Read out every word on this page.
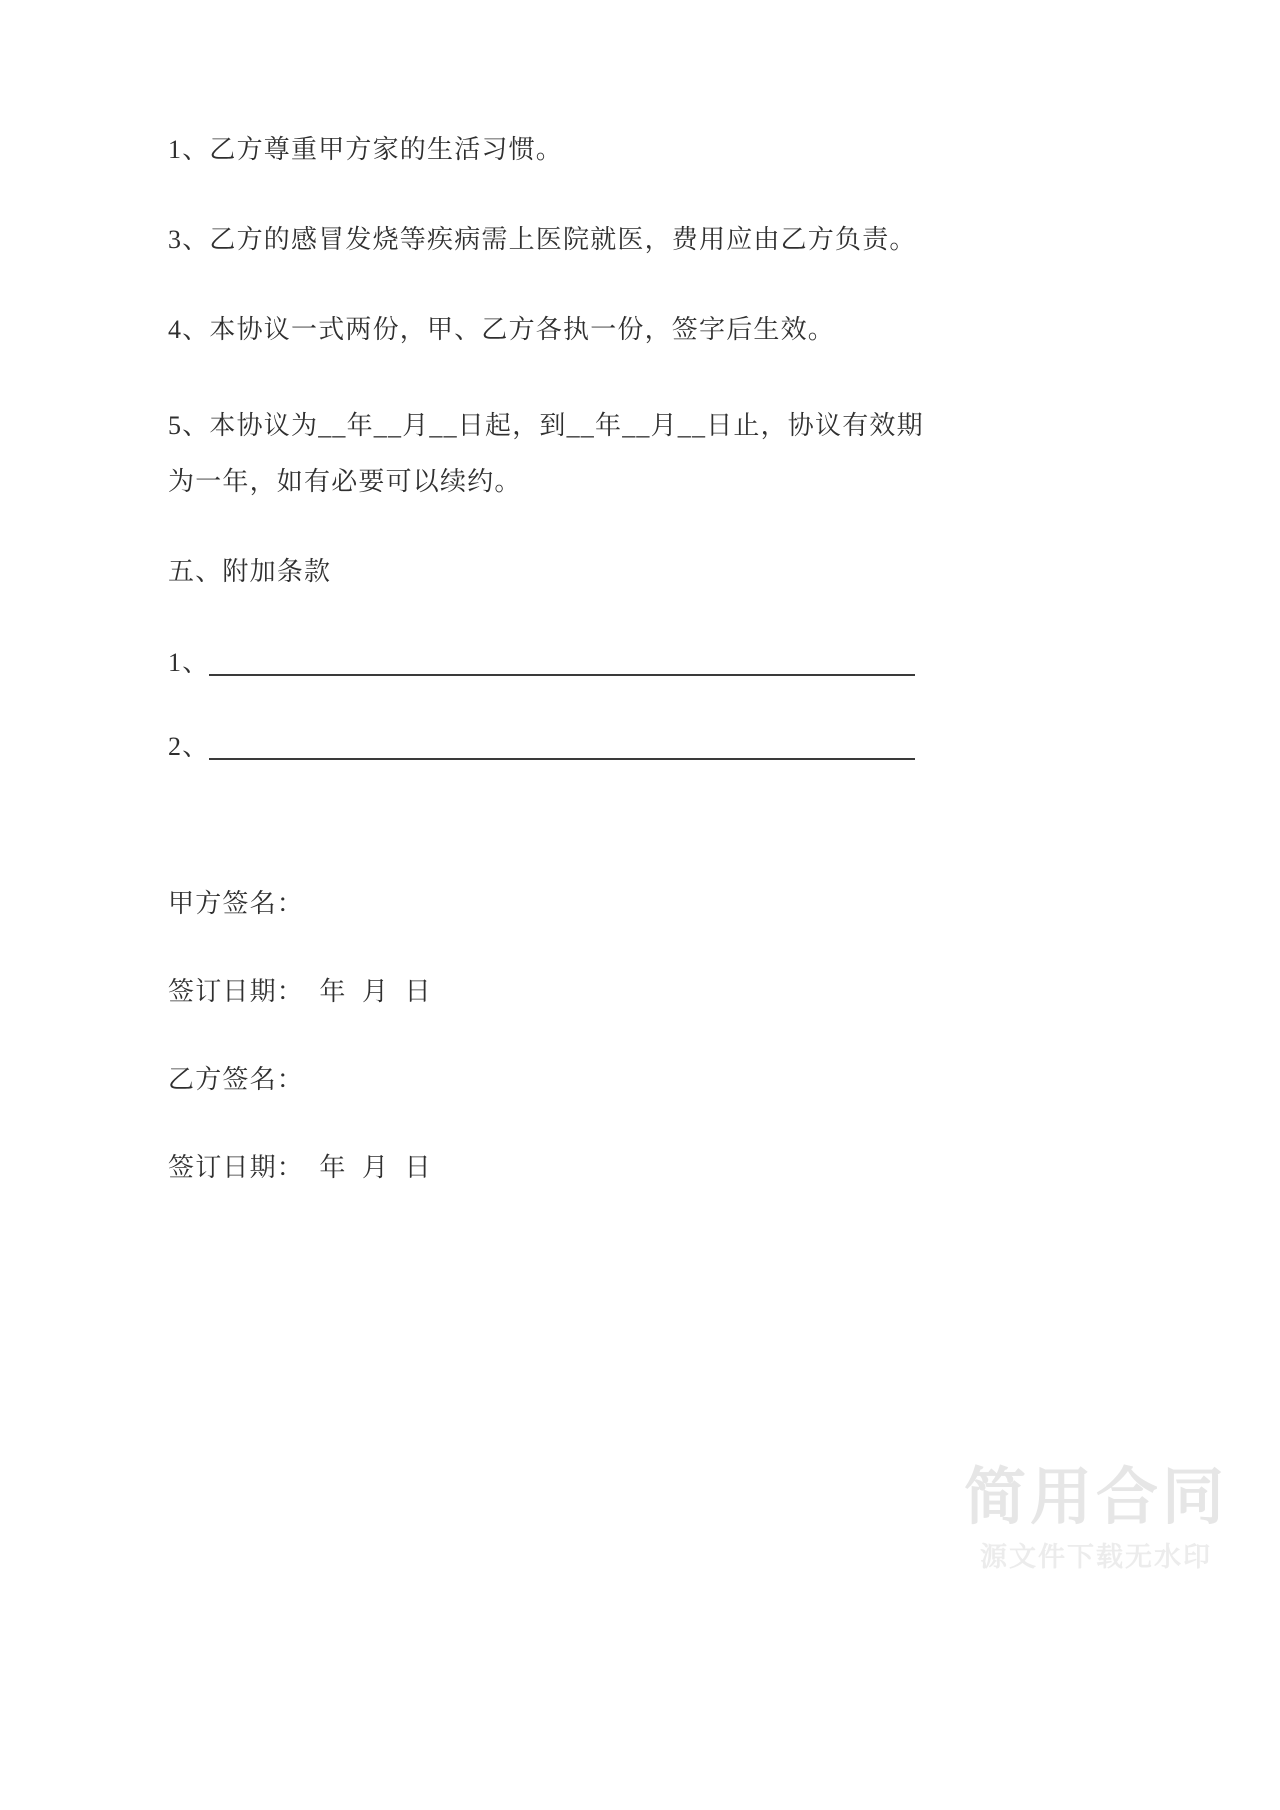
1、乙方尊重甲方家的生活习惯。

3、乙方的感冒发烧等疾病需上医院就医，费用应由乙方负责。

4、本协议一式两份，甲、乙方各执一份，签字后生效。

5、本协议为__年__月__日起，到__年__月__日止，协议有效期为一年，如有必要可以续约。

五、附加条款

1、
2、

甲方签名：

签订日期：  年  月  日

乙方签名：

签订日期：  年  月  日

简用合同
源文件下载无水印
